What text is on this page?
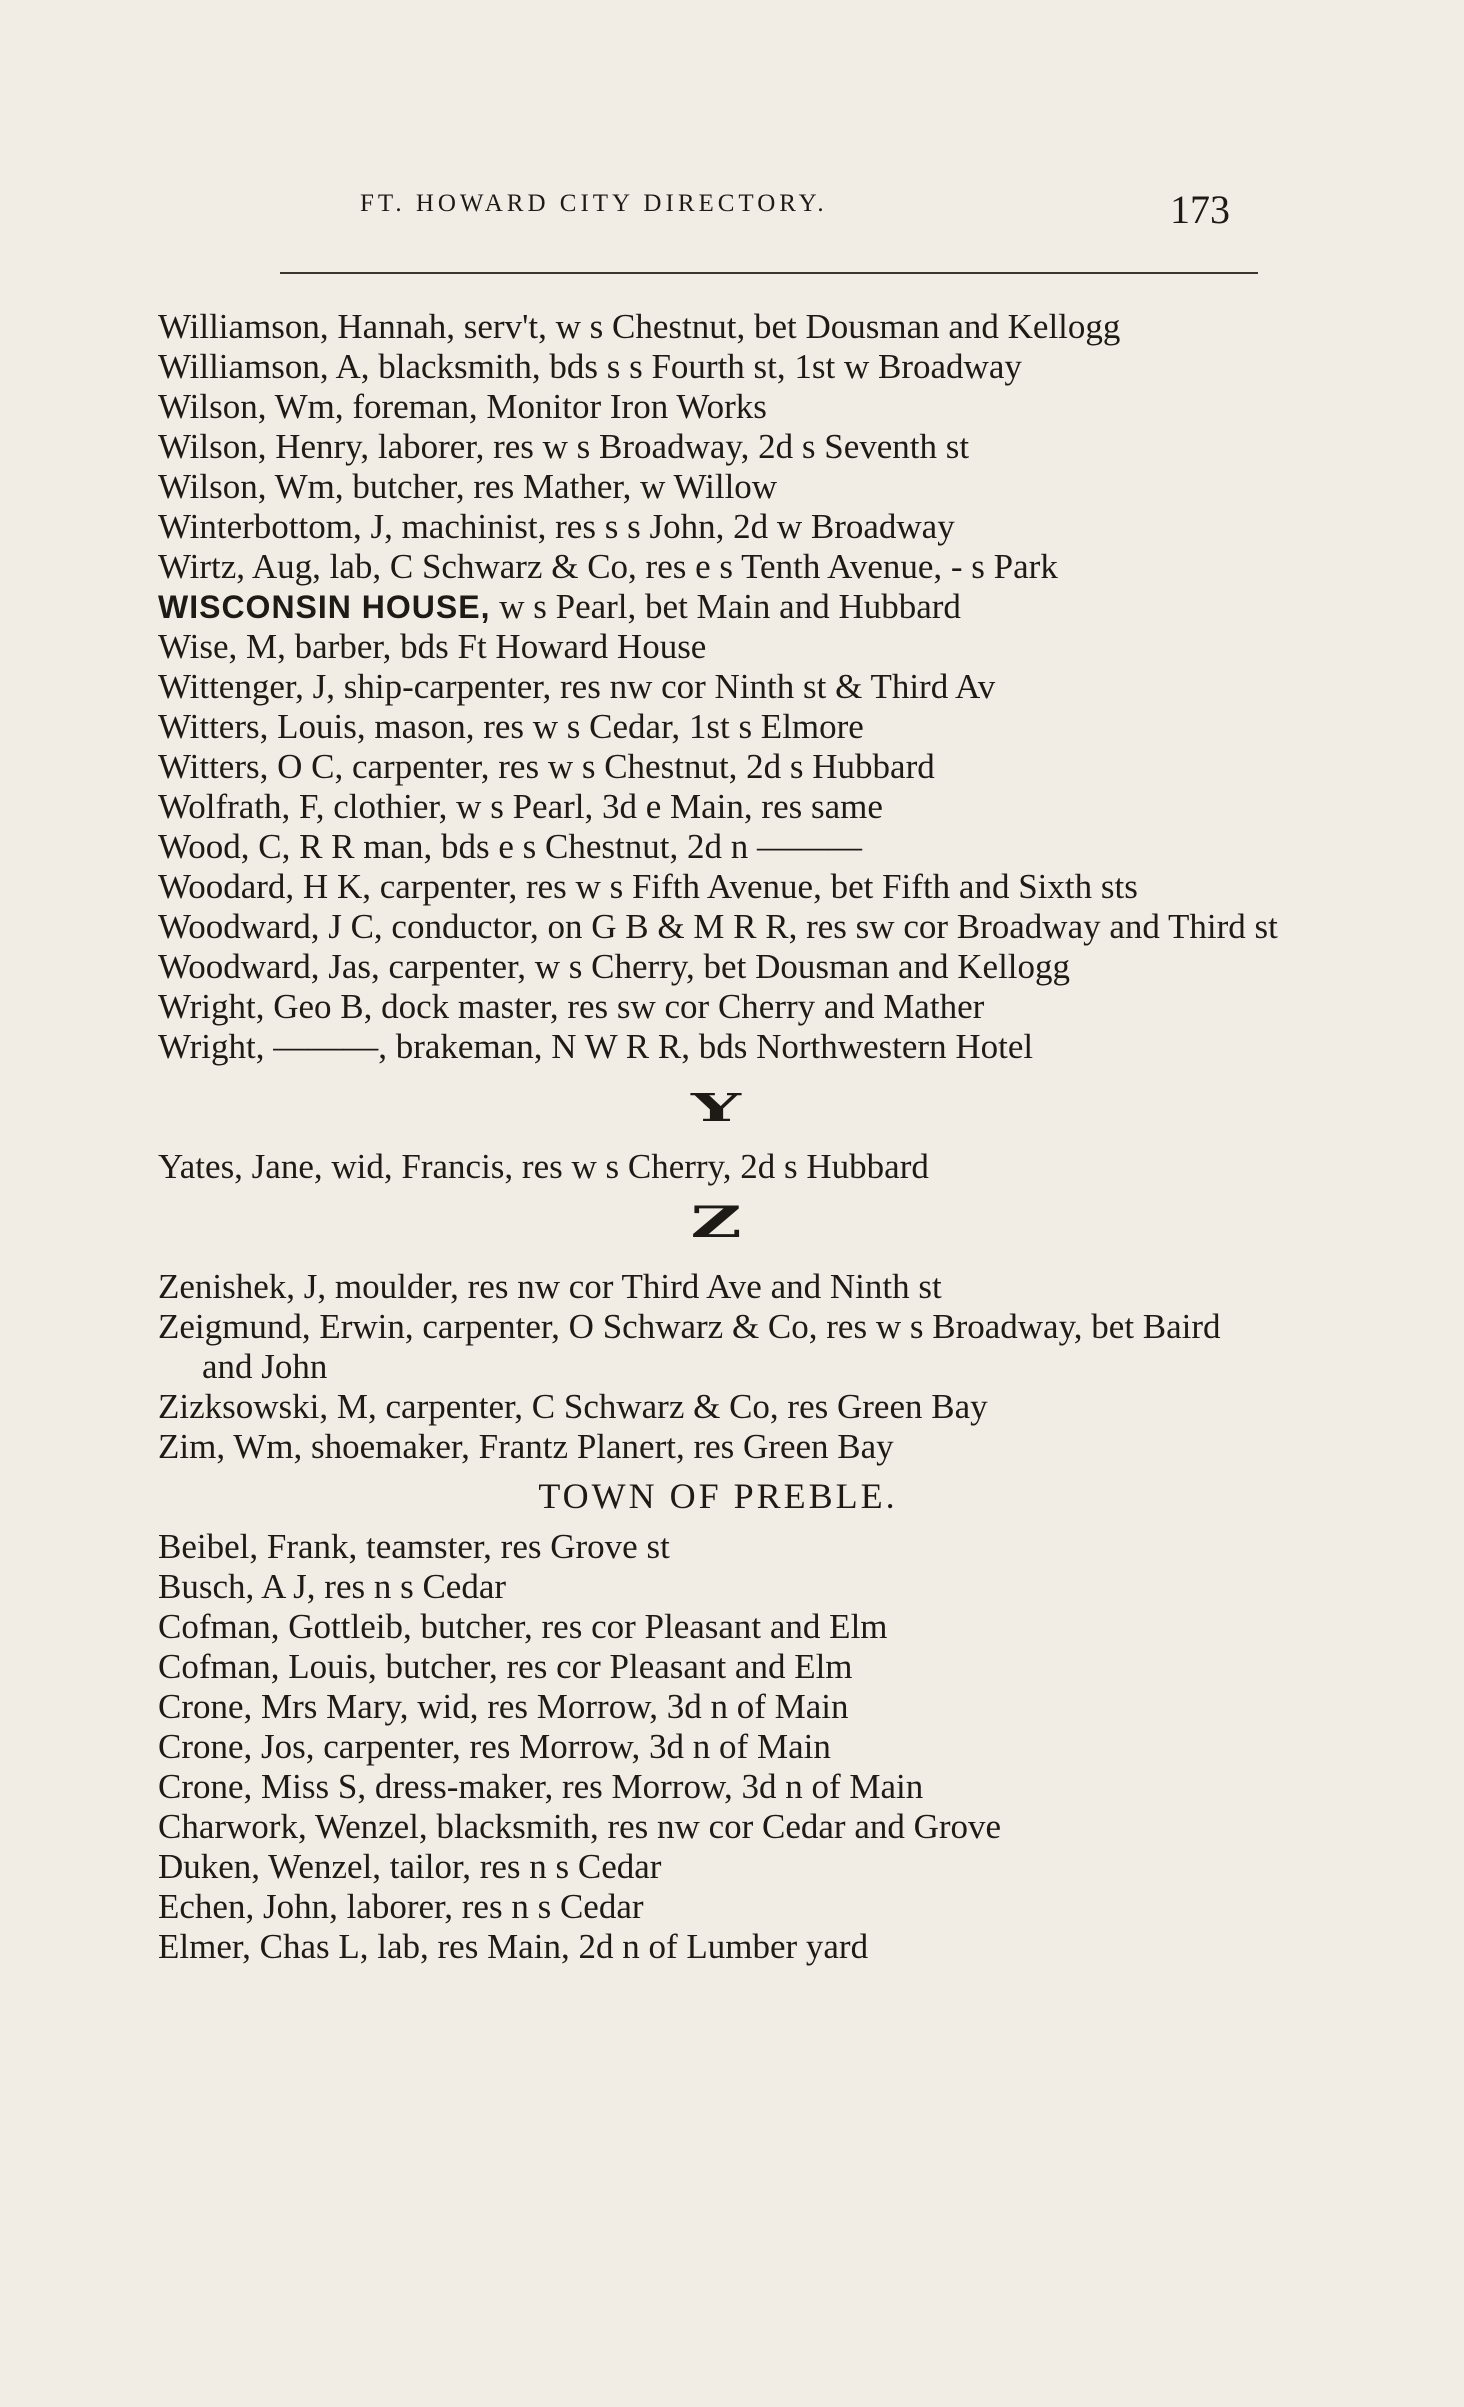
FT. HOWARD CITY DIRECTORY.	173

Williamson, Hannah, serv't, w s Chestnut, bet Dousman and Kellogg

Williamson, A, blacksmith, bds s s Fourth st, 1st w Broadway

Wilson, Wm, foreman, Monitor Iron Works

Wilson, Henry, laborer, res w s Broadway, 2d s Seventh st

Wilson, Wm, butcher, res Mather, w Willow

Winterbottom, J, machinist, res s s John, 2d w Broadway

Wirtz, Aug, lab, C Schwarz & Co, res e s Tenth Avenue, - s Park

WISCONSIN HOUSE, w s Pearl, bet Main and Hubbard

Wise, M, barber, bds Ft Howard House

Wittenger, J, ship-carpenter, res nw cor Ninth st & Third Av

Witters, Louis, mason, res w s Cedar, 1st s Elmore

Witters, O C, carpenter, res w s Chestnut, 2d s Hubbard

Wolfrath, F, clothier, w s Pearl, 3d e Main, res same

Wood, C, R R man, bds e s Chestnut, 2d n ———

Woodard, H K, carpenter, res w s Fifth Avenue, bet Fifth and Sixth sts

Woodward, J C, conductor, on G B & M R R, res sw cor Broadway and Third st

Woodward, Jas, carpenter, w s Cherry, bet Dousman and Kellogg

Wright, Geo B, dock master, res sw cor Cherry and Mather

Wright, ———, brakeman, N W R R, bds Northwestern Hotel

Y

Yates, Jane, wid, Francis, res w s Cherry, 2d s Hubbard

Z

Zenishek, J, moulder, res nw cor Third Ave and Ninth st

Zeigmund, Erwin, carpenter, O Schwarz & Co, res w s Broadway, bet Baird and John

Zizksowski, M, carpenter, C Schwarz & Co, res Green Bay

Zim, Wm, shoemaker, Frantz Planert, res Green Bay

TOWN OF PREBLE.

Beibel, Frank, teamster, res Grove st

Busch, A J, res n s Cedar

Cofman, Gottleib, butcher, res cor Pleasant and Elm

Cofman, Louis, butcher, res cor Pleasant and Elm

Crone, Mrs Mary, wid, res Morrow, 3d n of Main

Crone, Jos, carpenter, res Morrow, 3d n of Main

Crone, Miss S, dress-maker, res Morrow, 3d n of Main

Charwork, Wenzel, blacksmith, res nw cor Cedar and Grove

Duken, Wenzel, tailor, res n s Cedar

Echen, John, laborer, res n s Cedar

Elmer, Chas L, lab, res Main, 2d n of Lumber yard
